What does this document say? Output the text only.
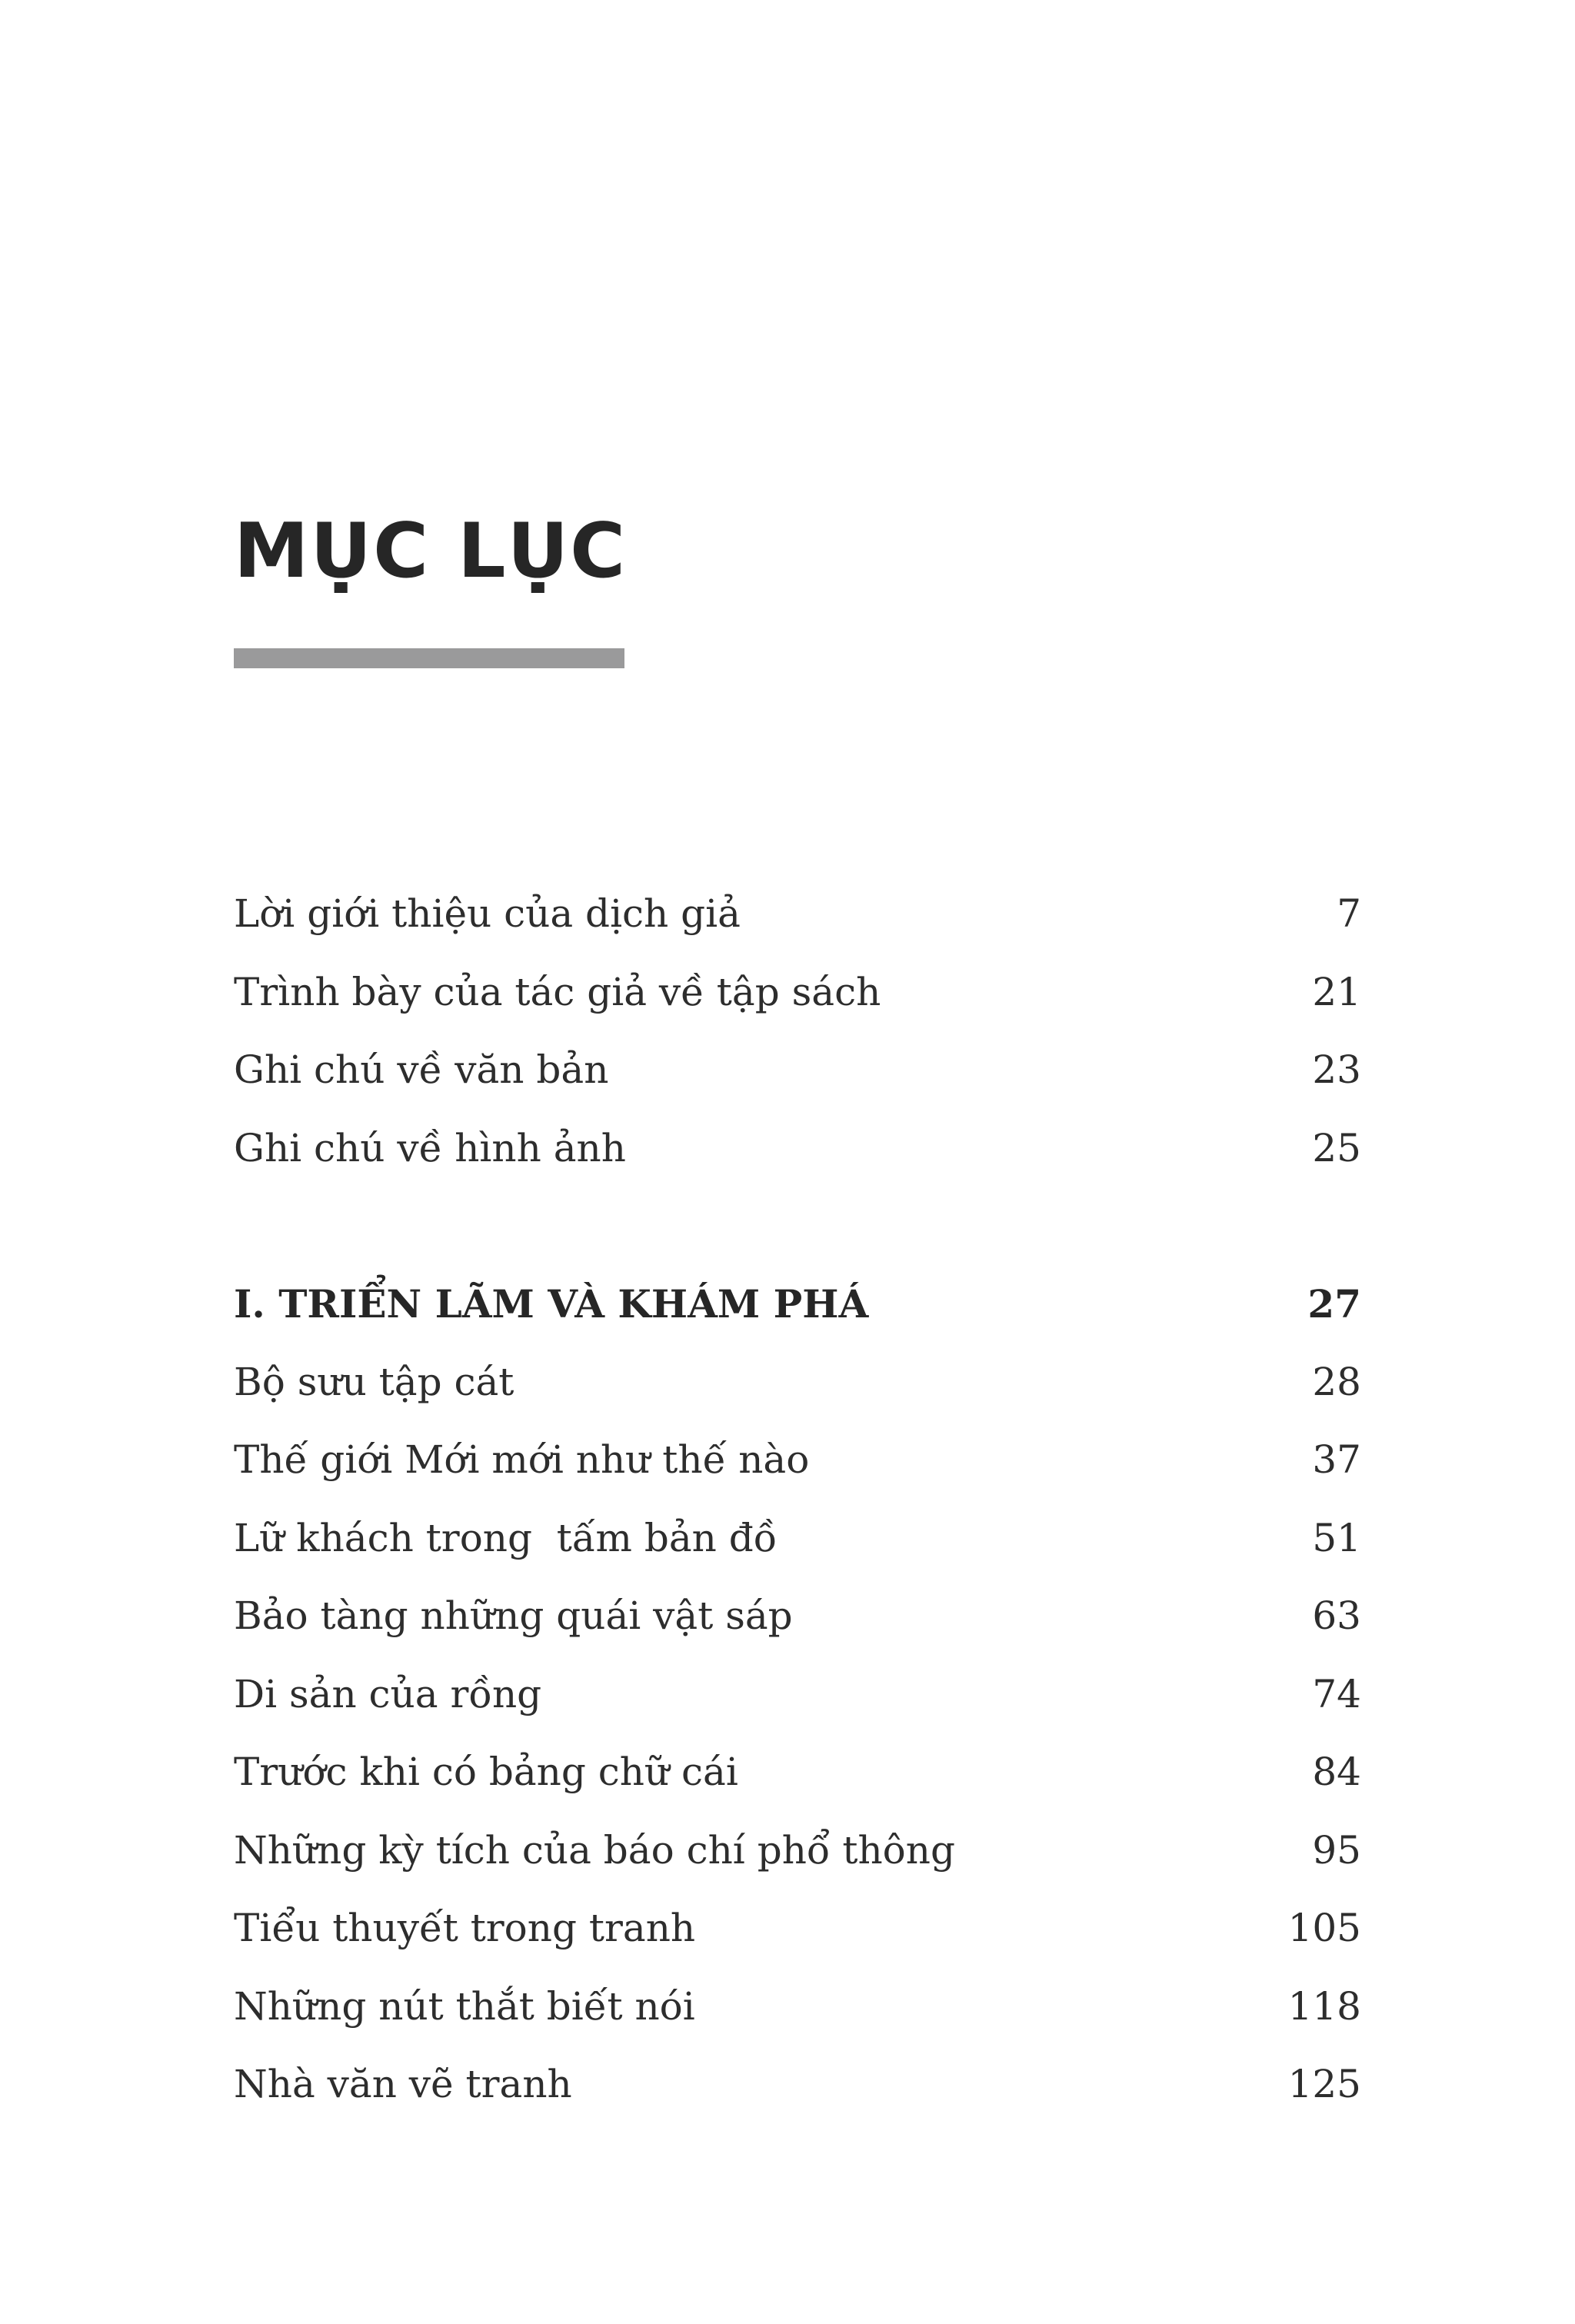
MỤC LỤC
Lời giới thiệu của dịch giả	7
Trình bày của tác giả về tập sách	21
Ghi chú về văn bản	23
Ghi chú về hình ảnh	25
I. TRIỂN LÃM VÀ KHÁM PHÁ	27
Bộ sưu tập cát	28
Thế giới Mới mới như thế nào	37
Lữ khách trong  tấm bản đồ	51
Bảo tàng những quái vật sáp	63
Di sản của rồng	74
Trước khi có bảng chữ cái	84
Những kỳ tích của báo chí phổ thông	95
Tiểu thuyết trong tranh	105
Những nút thắt biết nói	118
Nhà văn vẽ tranh	125
